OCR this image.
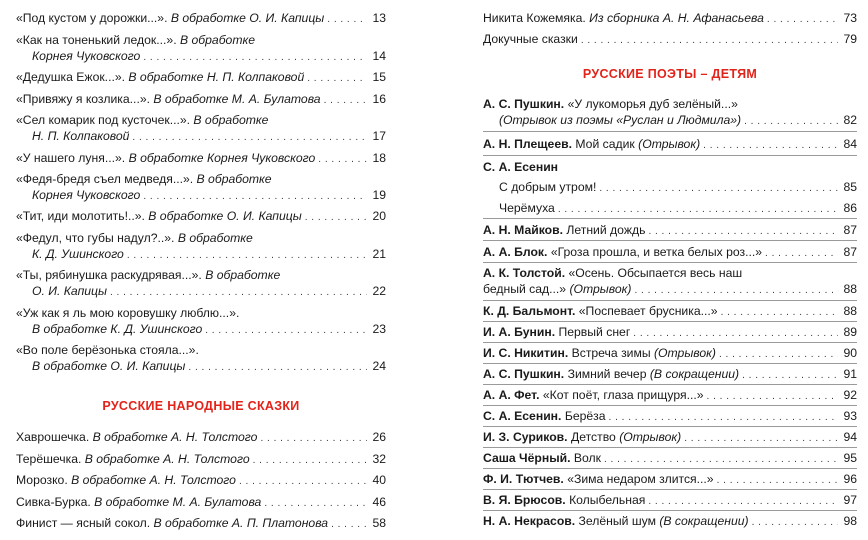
«Под кустом у дорожки...». В обработке О. И. Капицы . . .	13
«Как на тоненький ледок...». В обработке
Корнея Чуковского . . .	14
«Дедушка Ежок...». В обработке Н. П. Колпаковой . . .	15
«Привяжу я козлика...». В обработке М. А. Булатова . . .	16
«Сел комарик под кусточек...». В обработке
Н. П. Колпаковой . . .	17
«У нашего луня...». В обработке Корнея Чуковского . . .	18
«Федя-бредя съел медведя...». В обработке
Корнея Чуковского . . .	19
«Тит, иди молотить!..». В обработке О. И. Капицы . . .	20
«Федул, что губы надул?..». В обработке
К. Д. Ушинского . . .	21
«Ты, рябинушка раскудрявая...». В обработке
О. И. Капицы . . .	22
«Уж как я ль мою коровушку люблю...».
В обработке К. Д. Ушинского . . .	23
«Во поле берёзонька стояла...».
В обработке О. И. Капицы . . .	24
РУССКИЕ НАРОДНЫЕ СКАЗКИ
Хаврошечка. В обработке А. Н. Толстого . . .	26
Терёшечка. В обработке А. Н. Толстого . . .	32
Морозко. В обработке А. Н. Толстого . . .	40
Сивка-Бурка. В обработке М. А. Булатова . . .	46
Финист — ясный сокол. В обработке А. П. Платонова . . .	58
Никита Кожемяка. Из сборника А. Н. Афанасьева . . .	73
Докучные сказки . . .	79
РУССКИЕ ПОЭТЫ – ДЕТЯМ
А. С. Пушкин. «У лукоморья дуб зелёный...»
(Отрывок из поэмы «Руслан и Людмила») . . .	82
А. Н. Плещеев. Мой садик (Отрывок) . . .	84
С. А. Есенин
С добрым утром! . . .	85
Черёмуха . . .	86
А. Н. Майков. Летний дождь . . .	87
А. А. Блок. «Гроза прошла, и ветка белых роз...» . . .	87
А. К. Толстой. «Осень. Обсыпается весь наш
бедный сад...» (Отрывок) . . .	88
К. Д. Бальмонт. «Поспевает брусника...» . . .	88
И. А. Бунин. Первый снег . . .	89
И. С. Никитин. Встреча зимы (Отрывок) . . .	90
А. С. Пушкин. Зимний вечер (В сокращении) . . .	91
А. А. Фет. «Кот поёт, глаза прищуря...» . . .	92
С. А. Есенин. Берёза . . .	93
И. З. Суриков. Детство (Отрывок) . . .	94
Саша Чёрный. Волк . . .	95
Ф. И. Тютчев. «Зима недаром злится...» . . .	96
В. Я. Брюсов. Колыбельная . . .	97
Н. А. Некрасов. Зелёный шум (В сокращении) . . .	98
